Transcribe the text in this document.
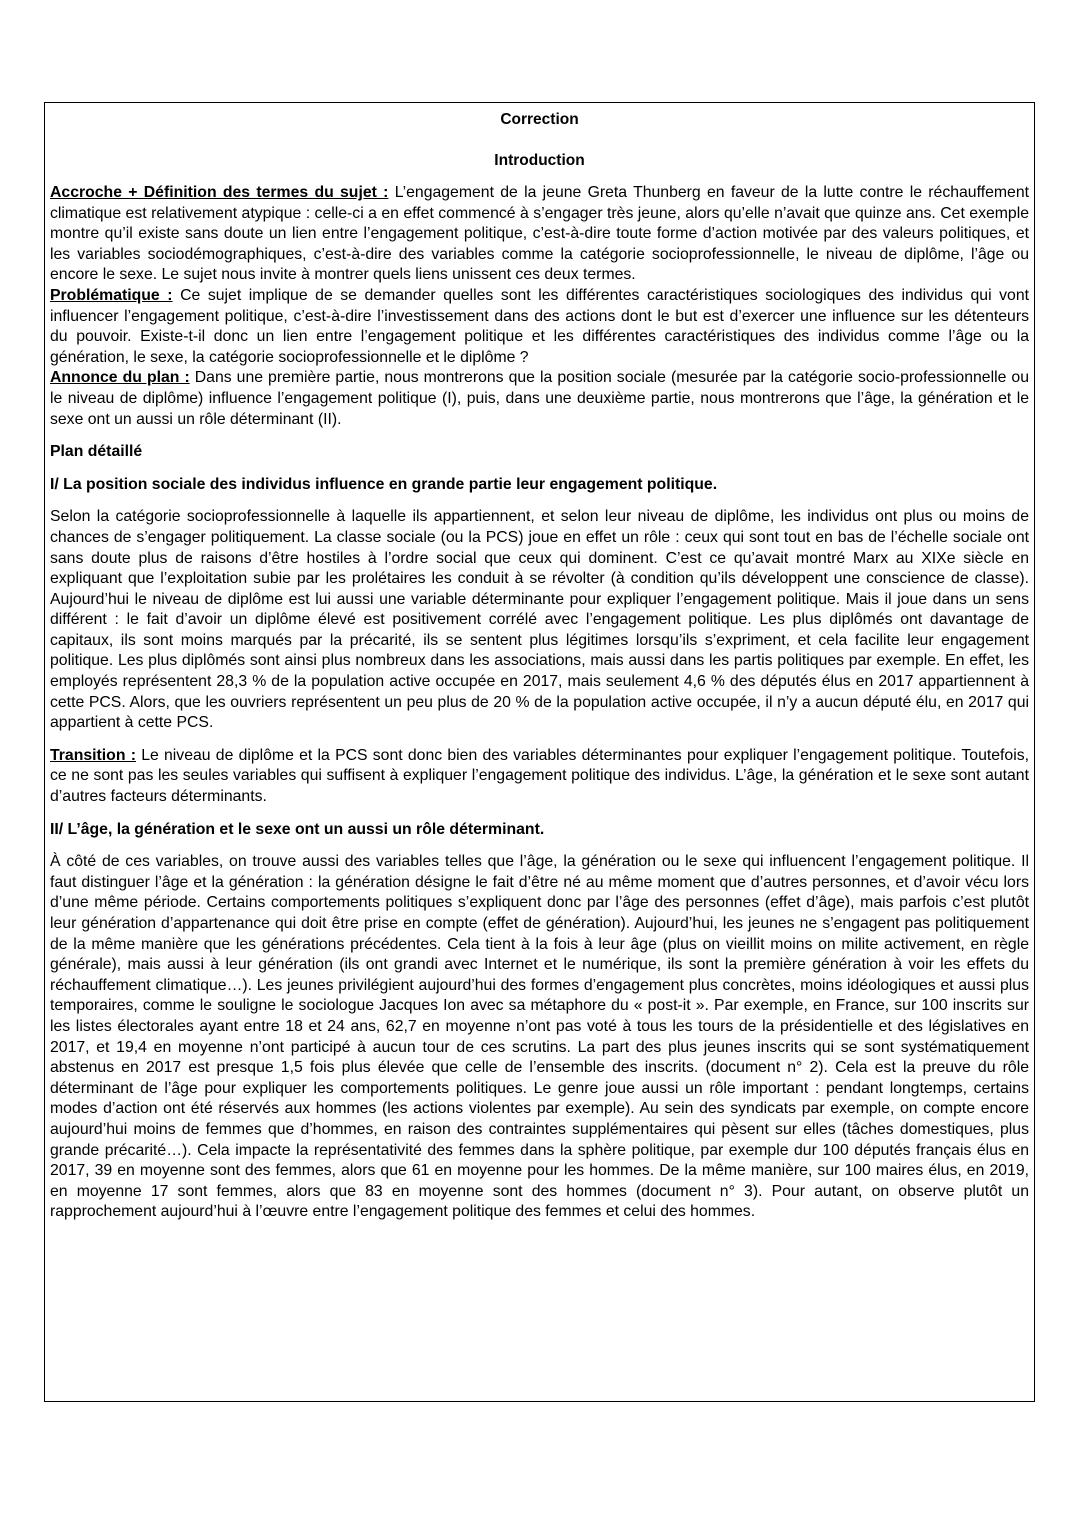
Correction
Introduction

Accroche + Définition des termes du sujet : L’engagement de la jeune Greta Thunberg en faveur de la lutte contre le réchauffement climatique est relativement atypique : celle-ci a en effet commencé à s’engager très jeune, alors qu’elle n’avait que quinze ans. Cet exemple montre qu’il existe sans doute un lien entre l’engagement politique, c’est-à-dire toute forme d’action motivée par des valeurs politiques, et les variables sociodémographiques, c’est-à-dire des variables comme la catégorie socioprofessionnelle, le niveau de diplôme, l’âge ou encore le sexe. Le sujet nous invite à montrer quels liens unissent ces deux termes.

Problématique : Ce sujet implique de se demander quelles sont les différentes caractéristiques sociologiques des individus qui vont influencer l’engagement politique, c’est-à-dire l’investissement dans des actions dont le but est d’exercer une influence sur les détenteurs du pouvoir. Existe-t-il donc un lien entre l’engagement politique et les différentes caractéristiques des individus comme l’âge ou la génération, le sexe, la catégorie socioprofessionnelle et le diplôme ?

Annonce du plan : Dans une première partie, nous montrerons que la position sociale (mesurée par la catégorie socio-professionnelle ou le niveau de diplôme) influence l’engagement politique (I), puis, dans une deuxième partie, nous montrerons que l’âge, la génération et le sexe ont un aussi un rôle déterminant (II).

Plan détaillé
I/ La position sociale des individus influence en grande partie leur engagement politique.

Selon la catégorie socioprofessionnelle à laquelle ils appartiennent, et selon leur niveau de diplôme, les individus ont plus ou moins de chances de s’engager politiquement. La classe sociale (ou la PCS) joue en effet un rôle : ceux qui sont tout en bas de l’échelle sociale ont sans doute plus de raisons d’être hostiles à l’ordre social que ceux qui dominent. C’est ce qu’avait montré Marx au XIXe siècle en expliquant que l’exploitation subie par les prolétaires les conduit à se révolter (à condition qu’ils développent une conscience de classe). Aujourd’hui le niveau de diplôme est lui aussi une variable déterminante pour expliquer l’engagement politique. Mais il joue dans un sens différent : le fait d’avoir un diplôme élevé est positivement corrélé avec l’engagement politique. Les plus diplômés ont davantage de capitaux, ils sont moins marqués par la précarité, ils se sentent plus légitimes lorsqu’ils s’expriment, et cela facilite leur engagement politique. Les plus diplômés sont ainsi plus nombreux dans les associations, mais aussi dans les partis politiques par exemple. En effet, les employés représentent 28,3 % de la population active occupée en 2017, mais seulement 4,6 % des députés élus en 2017 appartiennent à cette PCS. Alors, que les ouvriers représentent un peu plus de 20 % de la population active occupée, il n’y a aucun député élu, en 2017 qui appartient à cette PCS.

Transition : Le niveau de diplôme et la PCS sont donc bien des variables déterminantes pour expliquer l’engagement politique. Toutefois, ce ne sont pas les seules variables qui suffisent à expliquer l’engagement politique des individus. L’âge, la génération et le sexe sont autant d’autres facteurs déterminants.

II/ L’âge, la génération et le sexe ont un aussi un rôle déterminant.

À côté de ces variables, on trouve aussi des variables telles que l’âge, la génération ou le sexe qui influencent l’engagement politique. Il faut distinguer l’âge et la génération : la génération désigne le fait d’être né au même moment que d’autres personnes, et d’avoir vécu lors d’une même période. Certains comportements politiques s’expliquent donc par l’âge des personnes (effet d’âge), mais parfois c’est plutôt leur génération d’appartenance qui doit être prise en compte (effet de génération). Aujourd’hui, les jeunes ne s’engagent pas politiquement de la même manière que les générations précédentes. Cela tient à la fois à leur âge (plus on vieillit moins on milite activement, en règle générale), mais aussi à leur génération (ils ont grandi avec Internet et le numérique, ils sont la première génération à voir les effets du réchauffement climatique…). Les jeunes privilégient aujourd’hui des formes d’engagement plus concrètes, moins idéologiques et aussi plus temporaires, comme le souligne le sociologue Jacques Ion avec sa métaphore du « post-it ». Par exemple, en France, sur 100 inscrits sur les listes électorales ayant entre 18 et 24 ans, 62,7 en moyenne n’ont pas voté à tous les tours de la présidentielle et des législatives en 2017, et 19,4 en moyenne n’ont participé à aucun tour de ces scrutins. La part des plus jeunes inscrits qui se sont systématiquement abstenus en 2017 est presque 1,5 fois plus élevée que celle de l’ensemble des inscrits. (document n° 2). Cela est la preuve du rôle déterminant de l’âge pour expliquer les comportements politiques. Le genre joue aussi un rôle important : pendant longtemps, certains modes d’action ont été réservés aux hommes (les actions violentes par exemple). Au sein des syndicats par exemple, on compte encore aujourd’hui moins de femmes que d’hommes, en raison des contraintes supplémentaires qui pèsent sur elles (tâches domestiques, plus grande précarité…). Cela impacte la représentativité des femmes dans la sphère politique, par exemple dur 100 députés français élus en 2017, 39 en moyenne sont des femmes, alors que 61 en moyenne pour les hommes. De la même manière, sur 100 maires élus, en 2019, en moyenne 17 sont femmes, alors que 83 en moyenne sont des hommes (document n° 3). Pour autant, on observe plutôt un rapprochement aujourd’hui à l’œuvre entre l’engagement politique des femmes et celui des hommes.
